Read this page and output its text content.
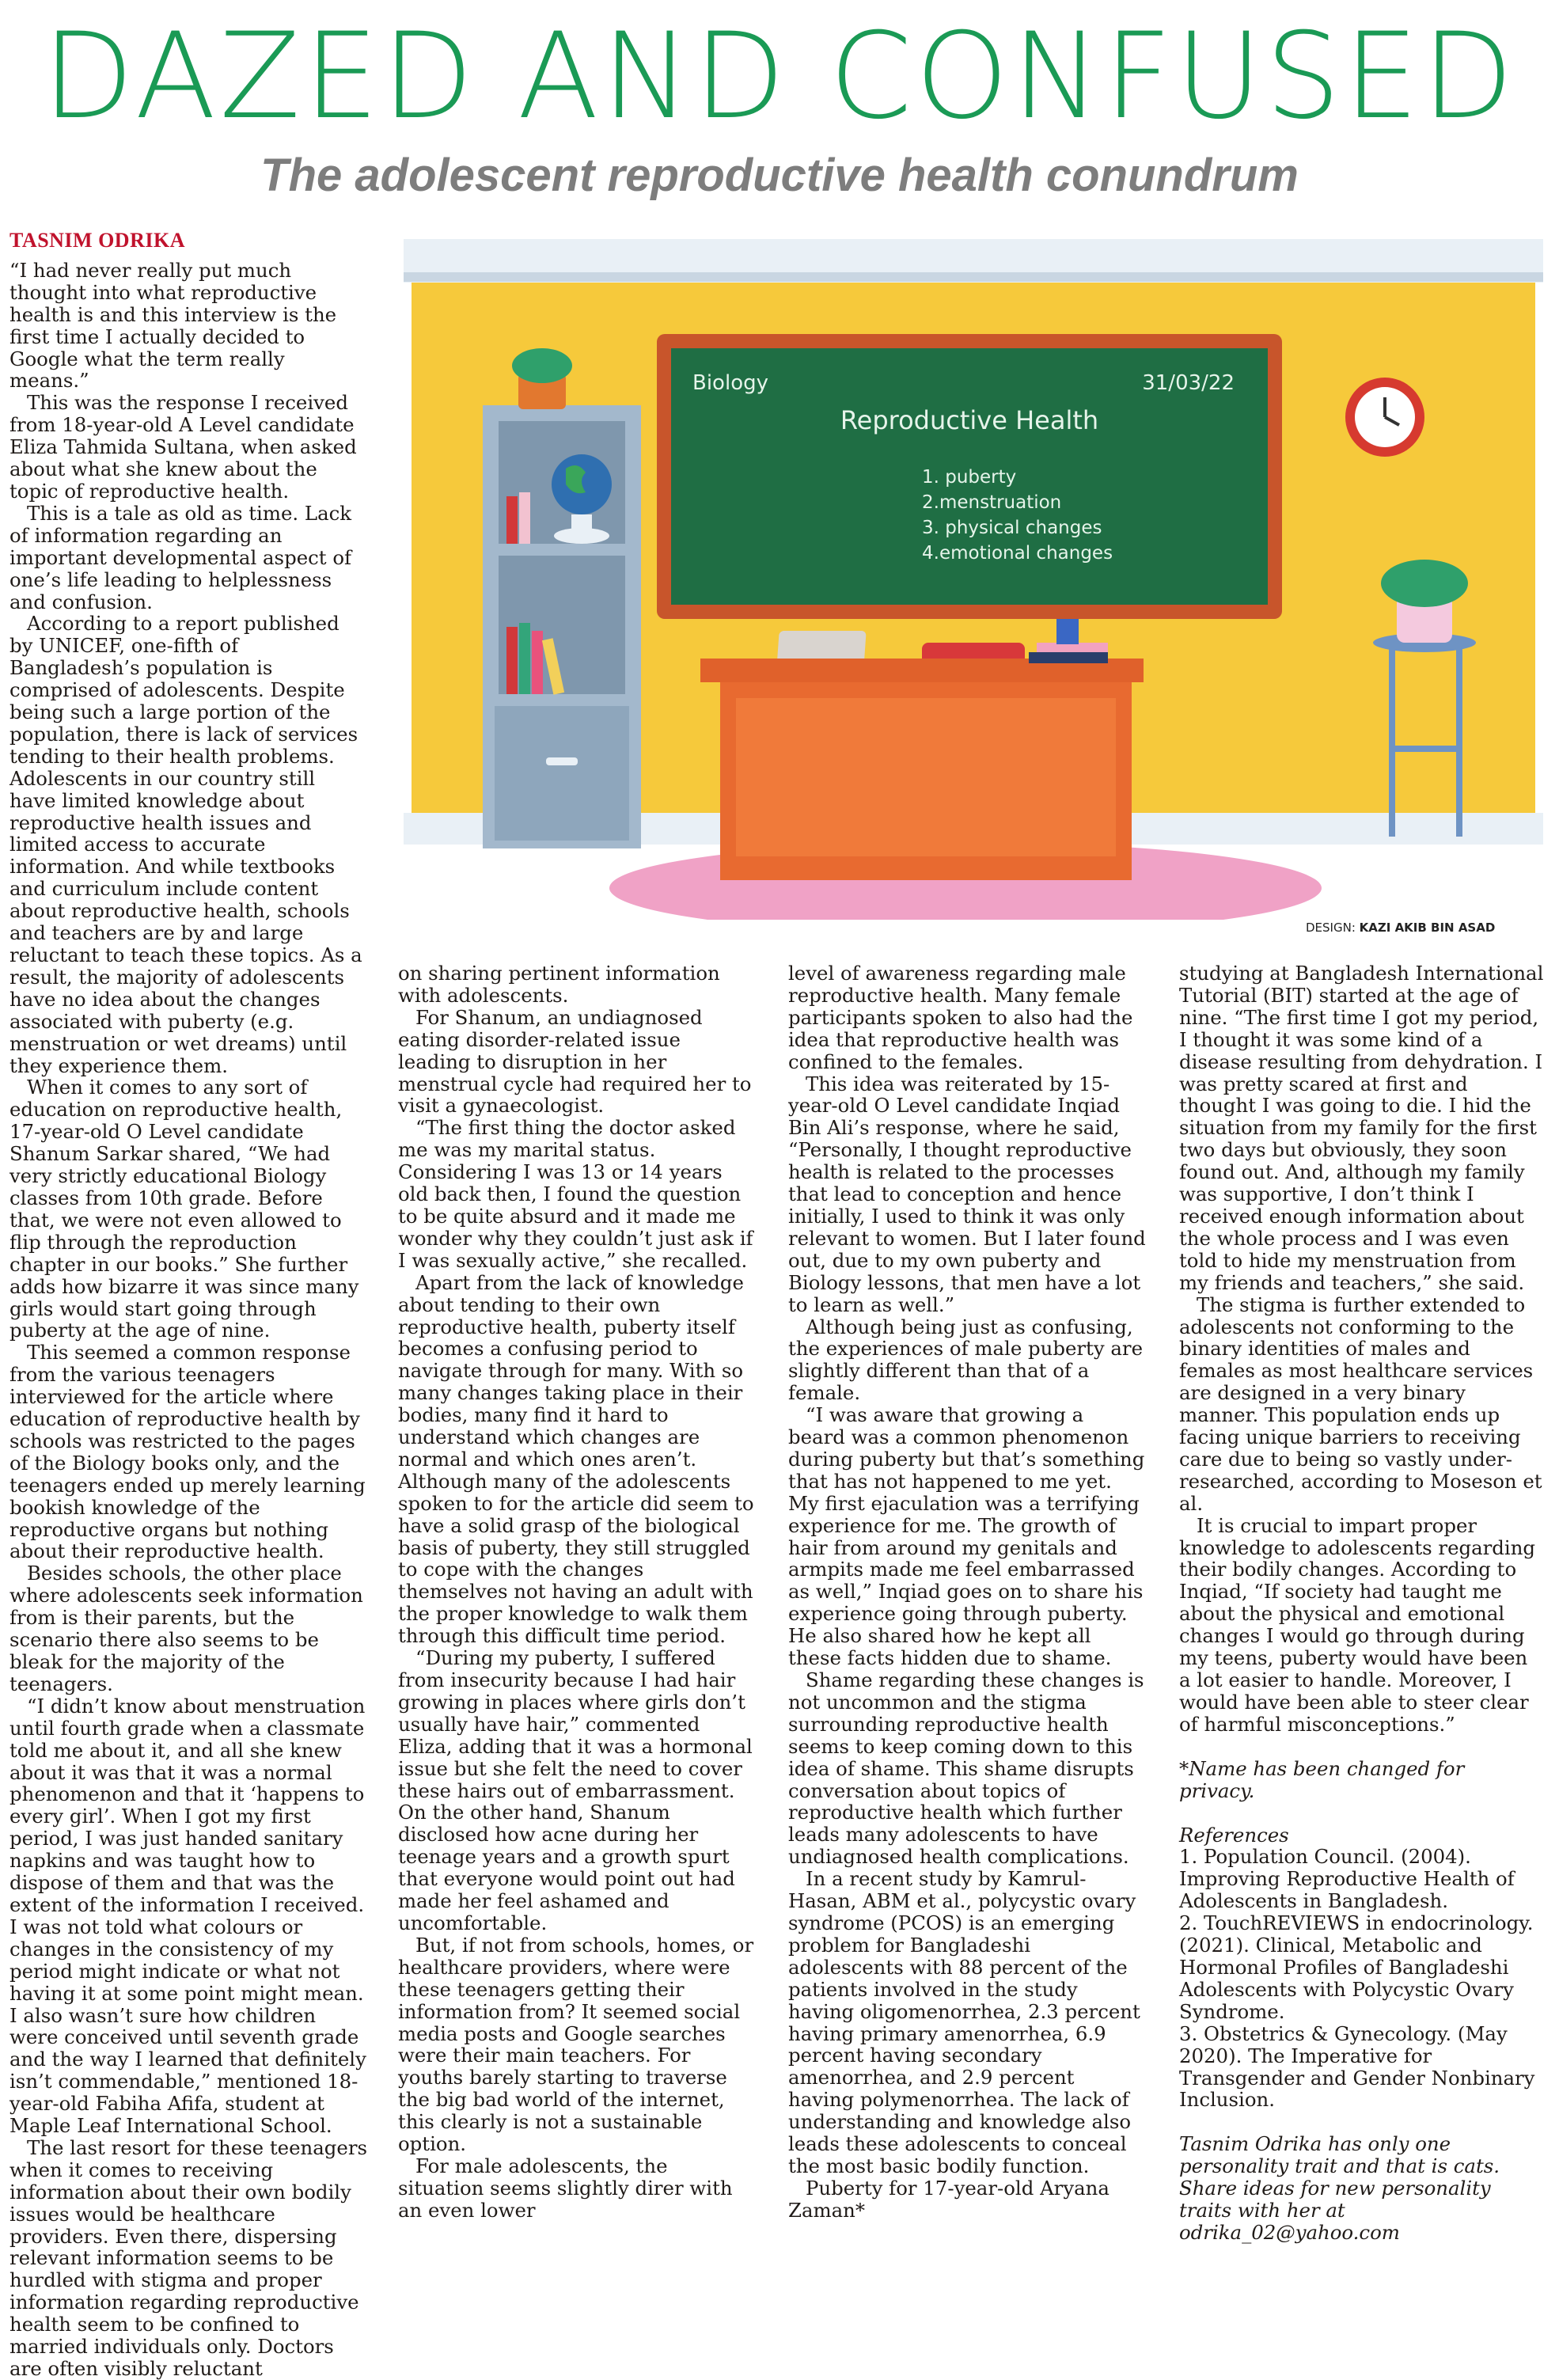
DAZED AND CONFUSED
The adolescent reproductive health conundrum
Biology	31/03/22
Reproductive Health
1. puberty
2.menstruation
3. physical changes
4.emotional changes
DESIGN: KAZI AKIB BIN ASAD
TASNIM ODRIKA

“I had never really put much thought into what reproductive health is and this interview is the first time I actually decided to Google what the term really means.”

This was the response I received from 18-year-old A Level candidate Eliza Tahmida Sultana, when asked about what she knew about the topic of reproductive health.

This is a tale as old as time. Lack of information regarding an important developmental aspect of one’s life leading to helplessness and confusion.

According to a report published by UNICEF, one-fifth of Bangladesh’s population is comprised of adolescents. Despite being such a large portion of the population, there is lack of services tending to their health problems. Adolescents in our country still have limited knowledge about reproductive health issues and limited access to accurate information. And while textbooks and curriculum include content about reproductive health, schools and teachers are by and large reluctant to teach these topics. As a result, the majority of adolescents have no idea about the changes associated with puberty (e.g. menstruation or wet dreams) until they experience them.

When it comes to any sort of education on reproductive health, 17-year-old O Level candidate Shanum Sarkar shared, “We had very strictly educational Biology classes from 10th grade. Before that, we were not even allowed to flip through the reproduction chapter in our books.” She further adds how bizarre it was since many girls would start going through puberty at the age of nine.

This seemed a common response from the various teenagers interviewed for the article where education of reproductive health by schools was restricted to the pages of the Biology books only, and the teenagers ended up merely learning bookish knowledge of the reproductive organs but nothing about their reproductive health.

Besides schools, the other place where adolescents seek information from is their parents, but the scenario there also seems to be bleak for the majority of the teenagers.

“I didn’t know about menstruation until fourth grade when a classmate told me about it, and all she knew about it was that it was a normal phenomenon and that it ‘happens to every girl’. When I got my first period, I was just handed sanitary napkins and was taught how to dispose of them and that was the extent of the information I received. I was not told what colours or changes in the consistency of my period might indicate or what not having it at some point might mean. I also wasn’t sure how children were conceived until seventh grade and the way I learned that definitely isn’t commendable,” mentioned 18-year-old Fabiha Afifa, student at Maple Leaf International School.

The last resort for these teenagers when it comes to receiving information about their own bodily issues would be healthcare providers. Even there, dispersing relevant information seems to be hurdled with stigma and proper information regarding reproductive health seem to be confined to married individuals only. Doctors are often visibly reluctant

on sharing pertinent information with adolescents.

For Shanum, an undiagnosed eating disorder-related issue leading to disruption in her menstrual cycle had required her to visit a gynaecologist.

“The first thing the doctor asked me was my marital status. Considering I was 13 or 14 years old back then, I found the question to be quite absurd and it made me wonder why they couldn’t just ask if I was sexually active,” she recalled.

Apart from the lack of knowledge about tending to their own reproductive health, puberty itself becomes a confusing period to navigate through for many. With so many changes taking place in their bodies, many find it hard to understand which changes are normal and which ones aren’t. Although many of the adolescents spoken to for the article did seem to have a solid grasp of the biological basis of puberty, they still struggled to cope with the changes themselves not having an adult with the proper knowledge to walk them through this difficult time period.

“During my puberty, I suffered from insecurity because I had hair growing in places where girls don’t usually have hair,” commented Eliza, adding that it was a hormonal issue but she felt the need to cover these hairs out of embarrassment. On the other hand, Shanum disclosed how acne during her teenage years and a growth spurt that everyone would point out had made her feel ashamed and uncomfortable.

But, if not from schools, homes, or healthcare providers, where were these teenagers getting their information from? It seemed social media posts and Google searches were their main teachers. For youths barely starting to traverse the big bad world of the internet, this clearly is not a sustainable option.

For male adolescents, the situation seems slightly direr with an even lower

level of awareness regarding male reproductive health. Many female participants spoken to also had the idea that reproductive health was confined to the females.

This idea was reiterated by 15-year-old O Level candidate Inqiad Bin Ali’s response, where he said, “Personally, I thought reproductive health is related to the processes that lead to conception and hence initially, I used to think it was only relevant to women. But I later found out, due to my own puberty and Biology lessons, that men have a lot to learn as well.”

Although being just as confusing, the experiences of male puberty are slightly different than that of a female.

“I was aware that growing a beard was a common phenomenon during puberty but that’s something that has not happened to me yet. My first ejaculation was a terrifying experience for me. The growth of hair from around my genitals and armpits made me feel embarrassed as well,” Inqiad goes on to share his experience going through puberty. He also shared how he kept all these facts hidden due to shame.

Shame regarding these changes is not uncommon and the stigma surrounding reproductive health seems to keep coming down to this idea of shame. This shame disrupts conversation about topics of reproductive health which further leads many adolescents to have undiagnosed health complications.

In a recent study by Kamrul-Hasan, ABM et al., polycystic ovary syndrome (PCOS) is an emerging problem for Bangladeshi adolescents with 88 percent of the patients involved in the study having oligomenorrhea, 2.3 percent having primary amenorrhea, 6.9 percent having secondary amenorrhea, and 2.9 percent having polymenorrhea. The lack of understanding and knowledge also leads these adolescents to conceal the most basic bodily function.

Puberty for 17-year-old Aryana Zaman*

studying at Bangladesh International Tutorial (BIT) started at the age of nine. “The first time I got my period, I thought it was some kind of a disease resulting from dehydration. I was pretty scared at first and thought I was going to die. I hid the situation from my family for the first two days but obviously, they soon found out. And, although my family was supportive, I don’t think I received enough information about the whole process and I was even told to hide my menstruation from my friends and teachers,” she said.

The stigma is further extended to adolescents not conforming to the binary identities of males and females as most healthcare services are designed in a very binary manner. This population ends up facing unique barriers to receiving care due to being so vastly under-researched, according to Moseson et al.

It is crucial to impart proper knowledge to adolescents regarding their bodily changes. According to Inqiad, “If society had taught me about the physical and emotional changes I would go through during my teens, puberty would have been a lot easier to handle. Moreover, I would have been able to steer clear of harmful misconceptions.”

*Name has been changed for privacy.

References

1. Population Council. (2004). Improving Reproductive Health of Adolescents in Bangladesh.

2. TouchREVIEWS in endocrinology. (2021). Clinical, Metabolic and Hormonal Profiles of Bangladeshi Adolescents with Polycystic Ovary Syndrome.

3. Obstetrics & Gynecology. (May 2020). The Imperative for Transgender and Gender Nonbinary Inclusion.

Tasnim Odrika has only one personality trait and that is cats. Share ideas for new personality traits with her at odrika_02@yahoo.com
